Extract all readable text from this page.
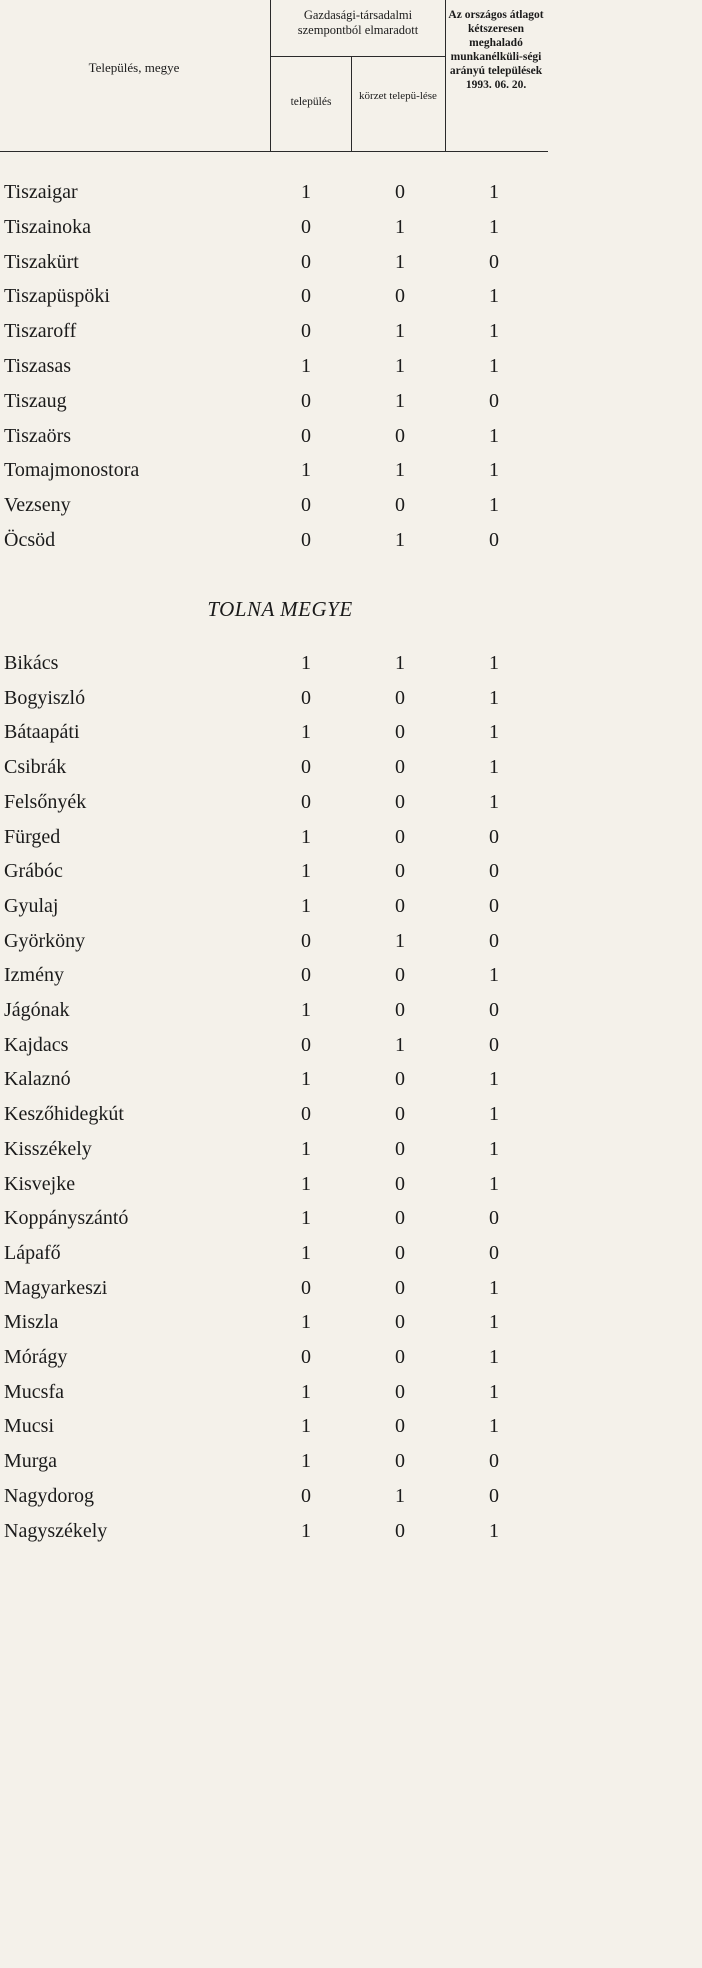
Település, megye
Gazdasági-társadalmi szempontból elmaradott
település	körzet telepü-lése
Az országos átlagot kétszeresen meghaladó munkanélküli-ségi arányú települések 1993. 06. 20.
Tiszaigar	1	0	1
Tiszainoka	0	1	1
Tiszakürt	0	1	0
Tiszapüspöki	0	0	1
Tiszaroff	0	1	1
Tiszasas	1	1	1
Tiszaug	0	1	0
Tiszaörs	0	0	1
Tomajmonostora	1	1	1
Vezseny	0	0	1
Öcsöd	0	1	0
Bikács	1	1	1
Bogyiszló	0	0	1
Bátaapáti	1	0	1
Csibrák	0	0	1
Felsőnyék	0	0	1
Fürged	1	0	0
Grábóc	1	0	0
Gyulaj	1	0	0
Györköny	0	1	0
Izmény	0	0	1
Jágónak	1	0	0
Kajdacs	0	1	0
Kalaznó	1	0	1
Keszőhidegkút	0	0	1
Kisszékely	1	0	1
Kisvejke	1	0	1
Koppányszántó	1	0	0
Lápafő	1	0	0
Magyarkeszi	0	0	1
Miszla	1	0	1
Mórágy	0	0	1
Mucsfa	1	0	1
Mucsi	1	0	1
Murga	1	0	0
Nagydorog	0	1	0
Nagyszékely	1	0	1
TOLNA MEGYE
